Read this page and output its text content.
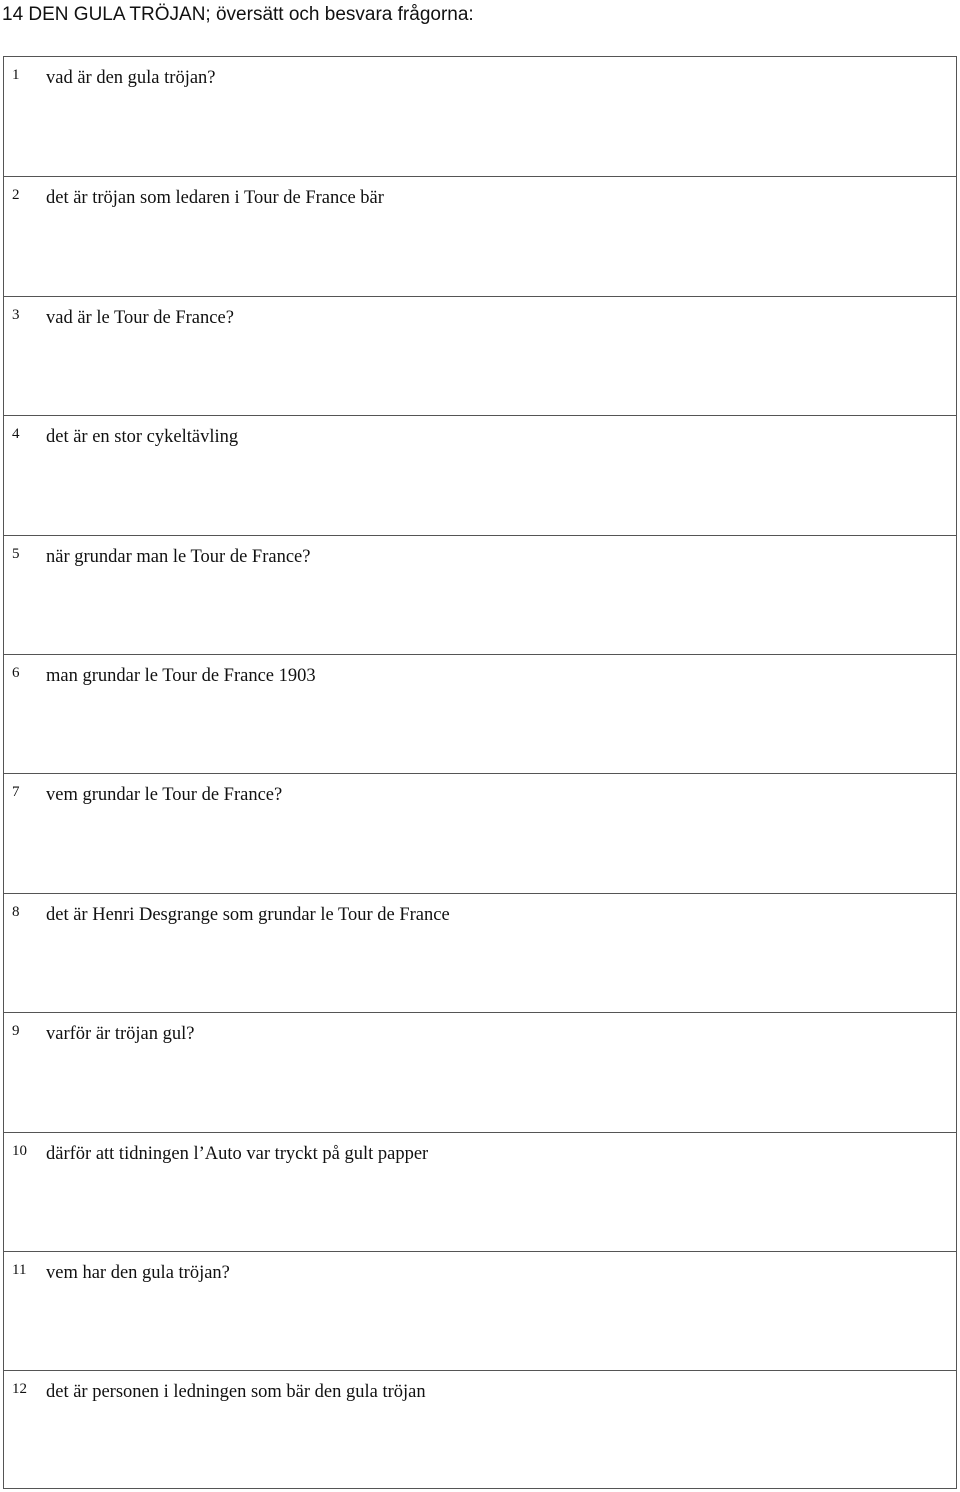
14 DEN GULA TRÖJAN; översätt och besvara frågorna:
1 vad är den gula tröjan?
2 det är tröjan som ledaren i Tour de France bär
3 vad är le Tour de France?
4 det är en stor cykeltävling
5 när grundar man le Tour de France?
6 man grundar le Tour de France 1903
7 vem grundar le Tour de France?
8 det är Henri Desgrange som grundar le Tour de France
9 varför är tröjan gul?
10 därför att tidningen l’Auto var tryckt på gult papper
11 vem har den gula tröjan?
12 det är personen i ledningen som bär den gula tröjan
